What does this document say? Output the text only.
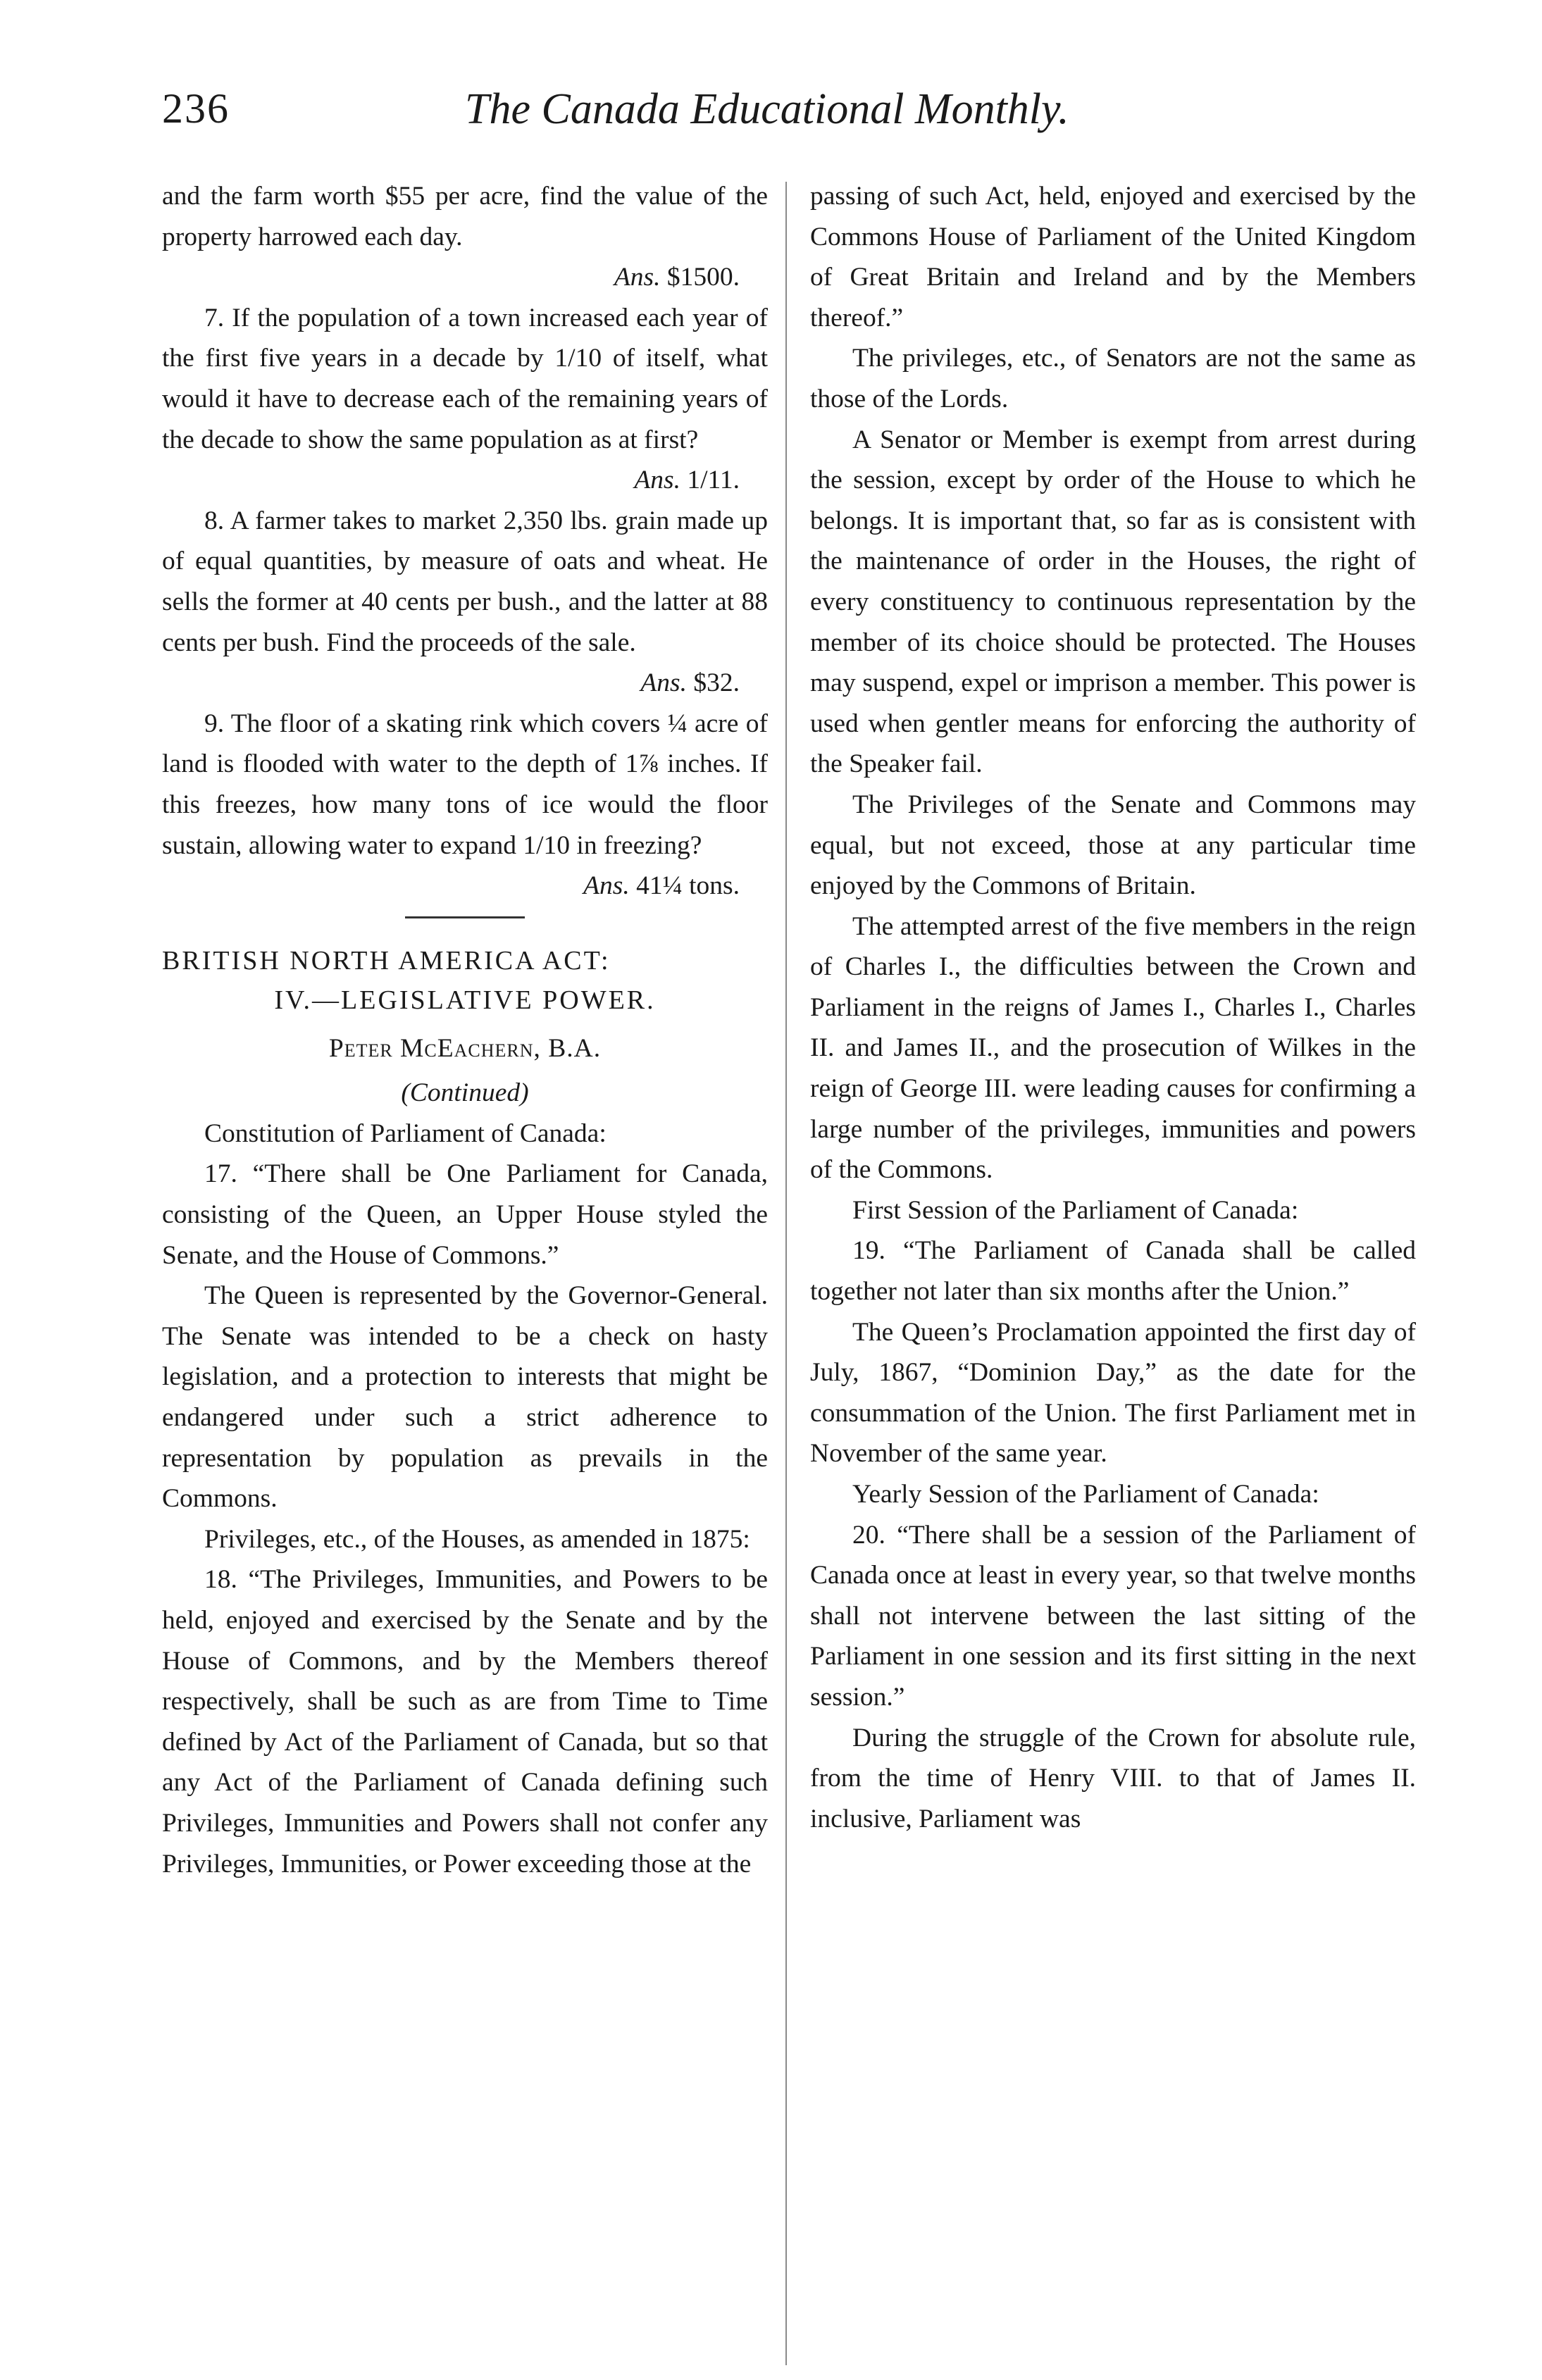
236	The Canada Educational Monthly.

and the farm worth $55 per acre, find the value of the property harrowed each day.

Ans. $1500.

7. If the population of a town increased each year of the first five years in a decade by 1/10 of itself, what would it have to decrease each of the remaining years of the decade to show the same population as at first?

Ans. 1/11.

8. A farmer takes to market 2,350 lbs. grain made up of equal quantities, by measure of oats and wheat. He sells the former at 40 cents per bush., and the latter at 88 cents per bush. Find the proceeds of the sale.

Ans. $32.

9. The floor of a skating rink which covers ¼ acre of land is flooded with water to the depth of 1⅞ inches. If this freezes, how many tons of ice would the floor sustain, allowing water to expand 1/10 in freezing?

Ans. 41¼ tons.

BRITISH NORTH AMERICA ACT:

IV.—LEGISLATIVE POWER.

Peter McEachern, B.A.

(Continued)

Constitution of Parliament of Canada:

17. “There shall be One Parliament for Canada, consisting of the Queen, an Upper House styled the Senate, and the House of Commons.”

The Queen is represented by the Governor-General. The Senate was intended to be a check on hasty legislation, and a protection to interests that might be endangered under such a strict adherence to representation by population as prevails in the Commons.

Privileges, etc., of the Houses, as amended in 1875:

18. “The Privileges, Immunities, and Powers to be held, enjoyed and exercised by the Senate and by the House of Commons, and by the Members thereof respectively, shall be such as are from Time to Time defined by Act of the Parliament of Canada, but so that any Act of the Parliament of Canada defining such Privileges, Immunities and Powers shall not confer any Privileges, Immunities, or Power exceeding those at the

passing of such Act, held, enjoyed and exercised by the Commons House of Parliament of the United Kingdom of Great Britain and Ireland and by the Members thereof.”

The privileges, etc., of Senators are not the same as those of the Lords.

A Senator or Member is exempt from arrest during the session, except by order of the House to which he belongs. It is important that, so far as is consistent with the maintenance of order in the Houses, the right of every constituency to continuous representation by the member of its choice should be protected. The Houses may suspend, expel or imprison a member. This power is used when gentler means for enforcing the authority of the Speaker fail.

The Privileges of the Senate and Commons may equal, but not exceed, those at any particular time enjoyed by the Commons of Britain.

The attempted arrest of the five members in the reign of Charles I., the difficulties between the Crown and Parliament in the reigns of James I., Charles I., Charles II. and James II., and the prosecution of Wilkes in the reign of George III. were leading causes for confirming a large number of the privileges, immunities and powers of the Commons.

First Session of the Parliament of Canada:

19. “The Parliament of Canada shall be called together not later than six months after the Union.”

The Queen’s Proclamation appointed the first day of July, 1867, “Dominion Day,” as the date for the consummation of the Union. The first Parliament met in November of the same year.

Yearly Session of the Parliament of Canada:

20. “There shall be a session of the Parliament of Canada once at least in every year, so that twelve months shall not intervene between the last sitting of the Parliament in one session and its first sitting in the next session.”

During the struggle of the Crown for absolute rule, from the time of Henry VIII. to that of James II. inclusive, Parliament was
